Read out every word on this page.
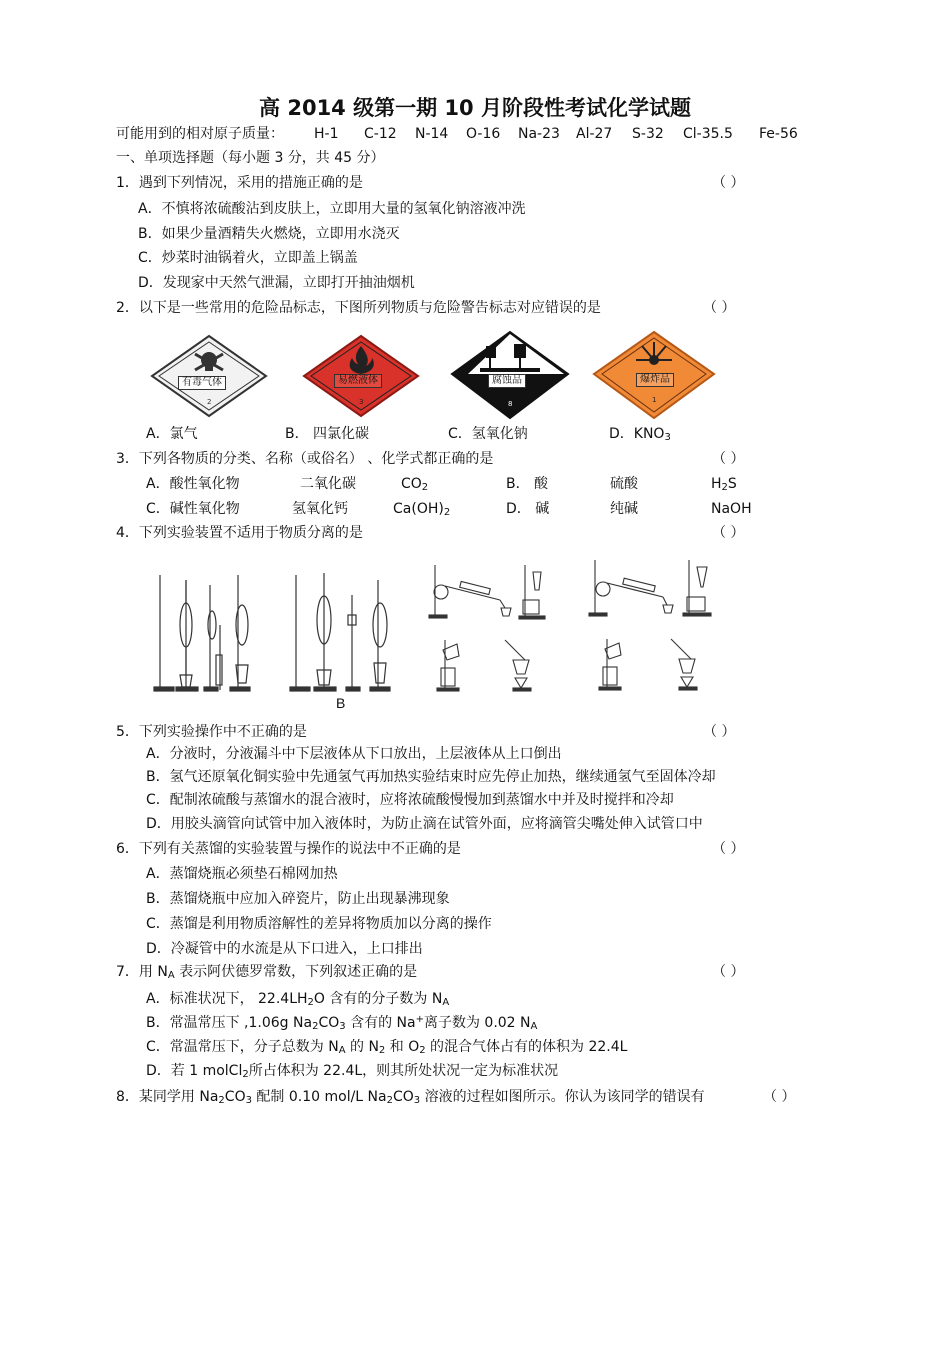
高 2014 级第一期 10 月阶段性考试化学试题
可能用到的相对原子质量： H-1 C-12 N-14 O-16 Na-23 Al-27 S-32 Cl-35.5 Fe-56
一、单项选择题（每小题 3 分，共 45 分）
1．遇到下列情况，采用的措施正确的是	（ ）
A．不慎将浓硫酸沾到皮肤上，立即用大量的氢氧化钠溶液冲洗
B．如果少量酒精失火燃烧，立即用水浇灭
C．炒菜时油锅着火，立即盖上锅盖
D．发现家中天然气泄漏，立即打开抽油烟机
2．以下是一些常用的危险品标志，下图所列物质与危险警告标志对应错误的是	（ ）
2
有毒气体
3
易燃液体
8
腐蚀品
1
爆炸品
A．氯气	B． 四氯化碳	C．氢氧化钠	D．$KNO_3$
3．下列各物质的分类、名称（或俗名） 、化学式都正确的是	（ ）
A．酸性氧化物	二氧化碳	$CO_2$	B． 酸	硫酸	$H_2S$
C．碱性氧化物	氢氧化钙	$Ca(OH)_2$	D． 碱	纯碱	NaOH
4．下列实验装置不适用于物质分离的是	（ ）
B
5．下列实验操作中不正确的是	（ ）
A．分液时，分液漏斗中下层液体从下口放出，上层液体从上口倒出
B．氢气还原氧化铜实验中先通氢气再加热实验结束时应先停止加热，继续通氢气至固体冷却
C．配制浓硫酸与蒸馏水的混合液时，应将浓硫酸慢慢加到蒸馏水中并及时搅拌和冷却
D．用胶头滴管向试管中加入液体时，为防止滴在试管外面，应将滴管尖嘴处伸入试管口中
6．下列有关蒸馏的实验装置与操作的说法中不正确的是	（ ）
A．蒸馏烧瓶必须垫石棉网加热
B．蒸馏烧瓶中应加入碎瓷片，防止出现暴沸现象
C．蒸馏是利用物质溶解性的差异将物质加以分离的操作
D．冷凝管中的水流是从下口进入，上口排出
7．用 $N_A$ 表示阿伏德罗常数，下列叙述正确的是	（ ）
A．标准状况下， $22.4LH_2O$ 含有的分子数为 $N_A$
B．常温常压下 ,1.06g $Na_2CO_3$ 含有的 Na+离子数为 0.02 $N_A$
C．常温常压下，分子总数为 $N_A$ 的 $N_2$ 和 $O_2$ 的混合气体占有的体积为 22.4L
D．若 1 molCl$_2$所占体积为 22.4L，则其所处状况一定为标准状况
8．某同学用 $Na_2CO_3$ 配制 0.10 mol/L $Na_2CO_3$ 溶液的过程如图所示。你认为该同学的错误有	（ ）
